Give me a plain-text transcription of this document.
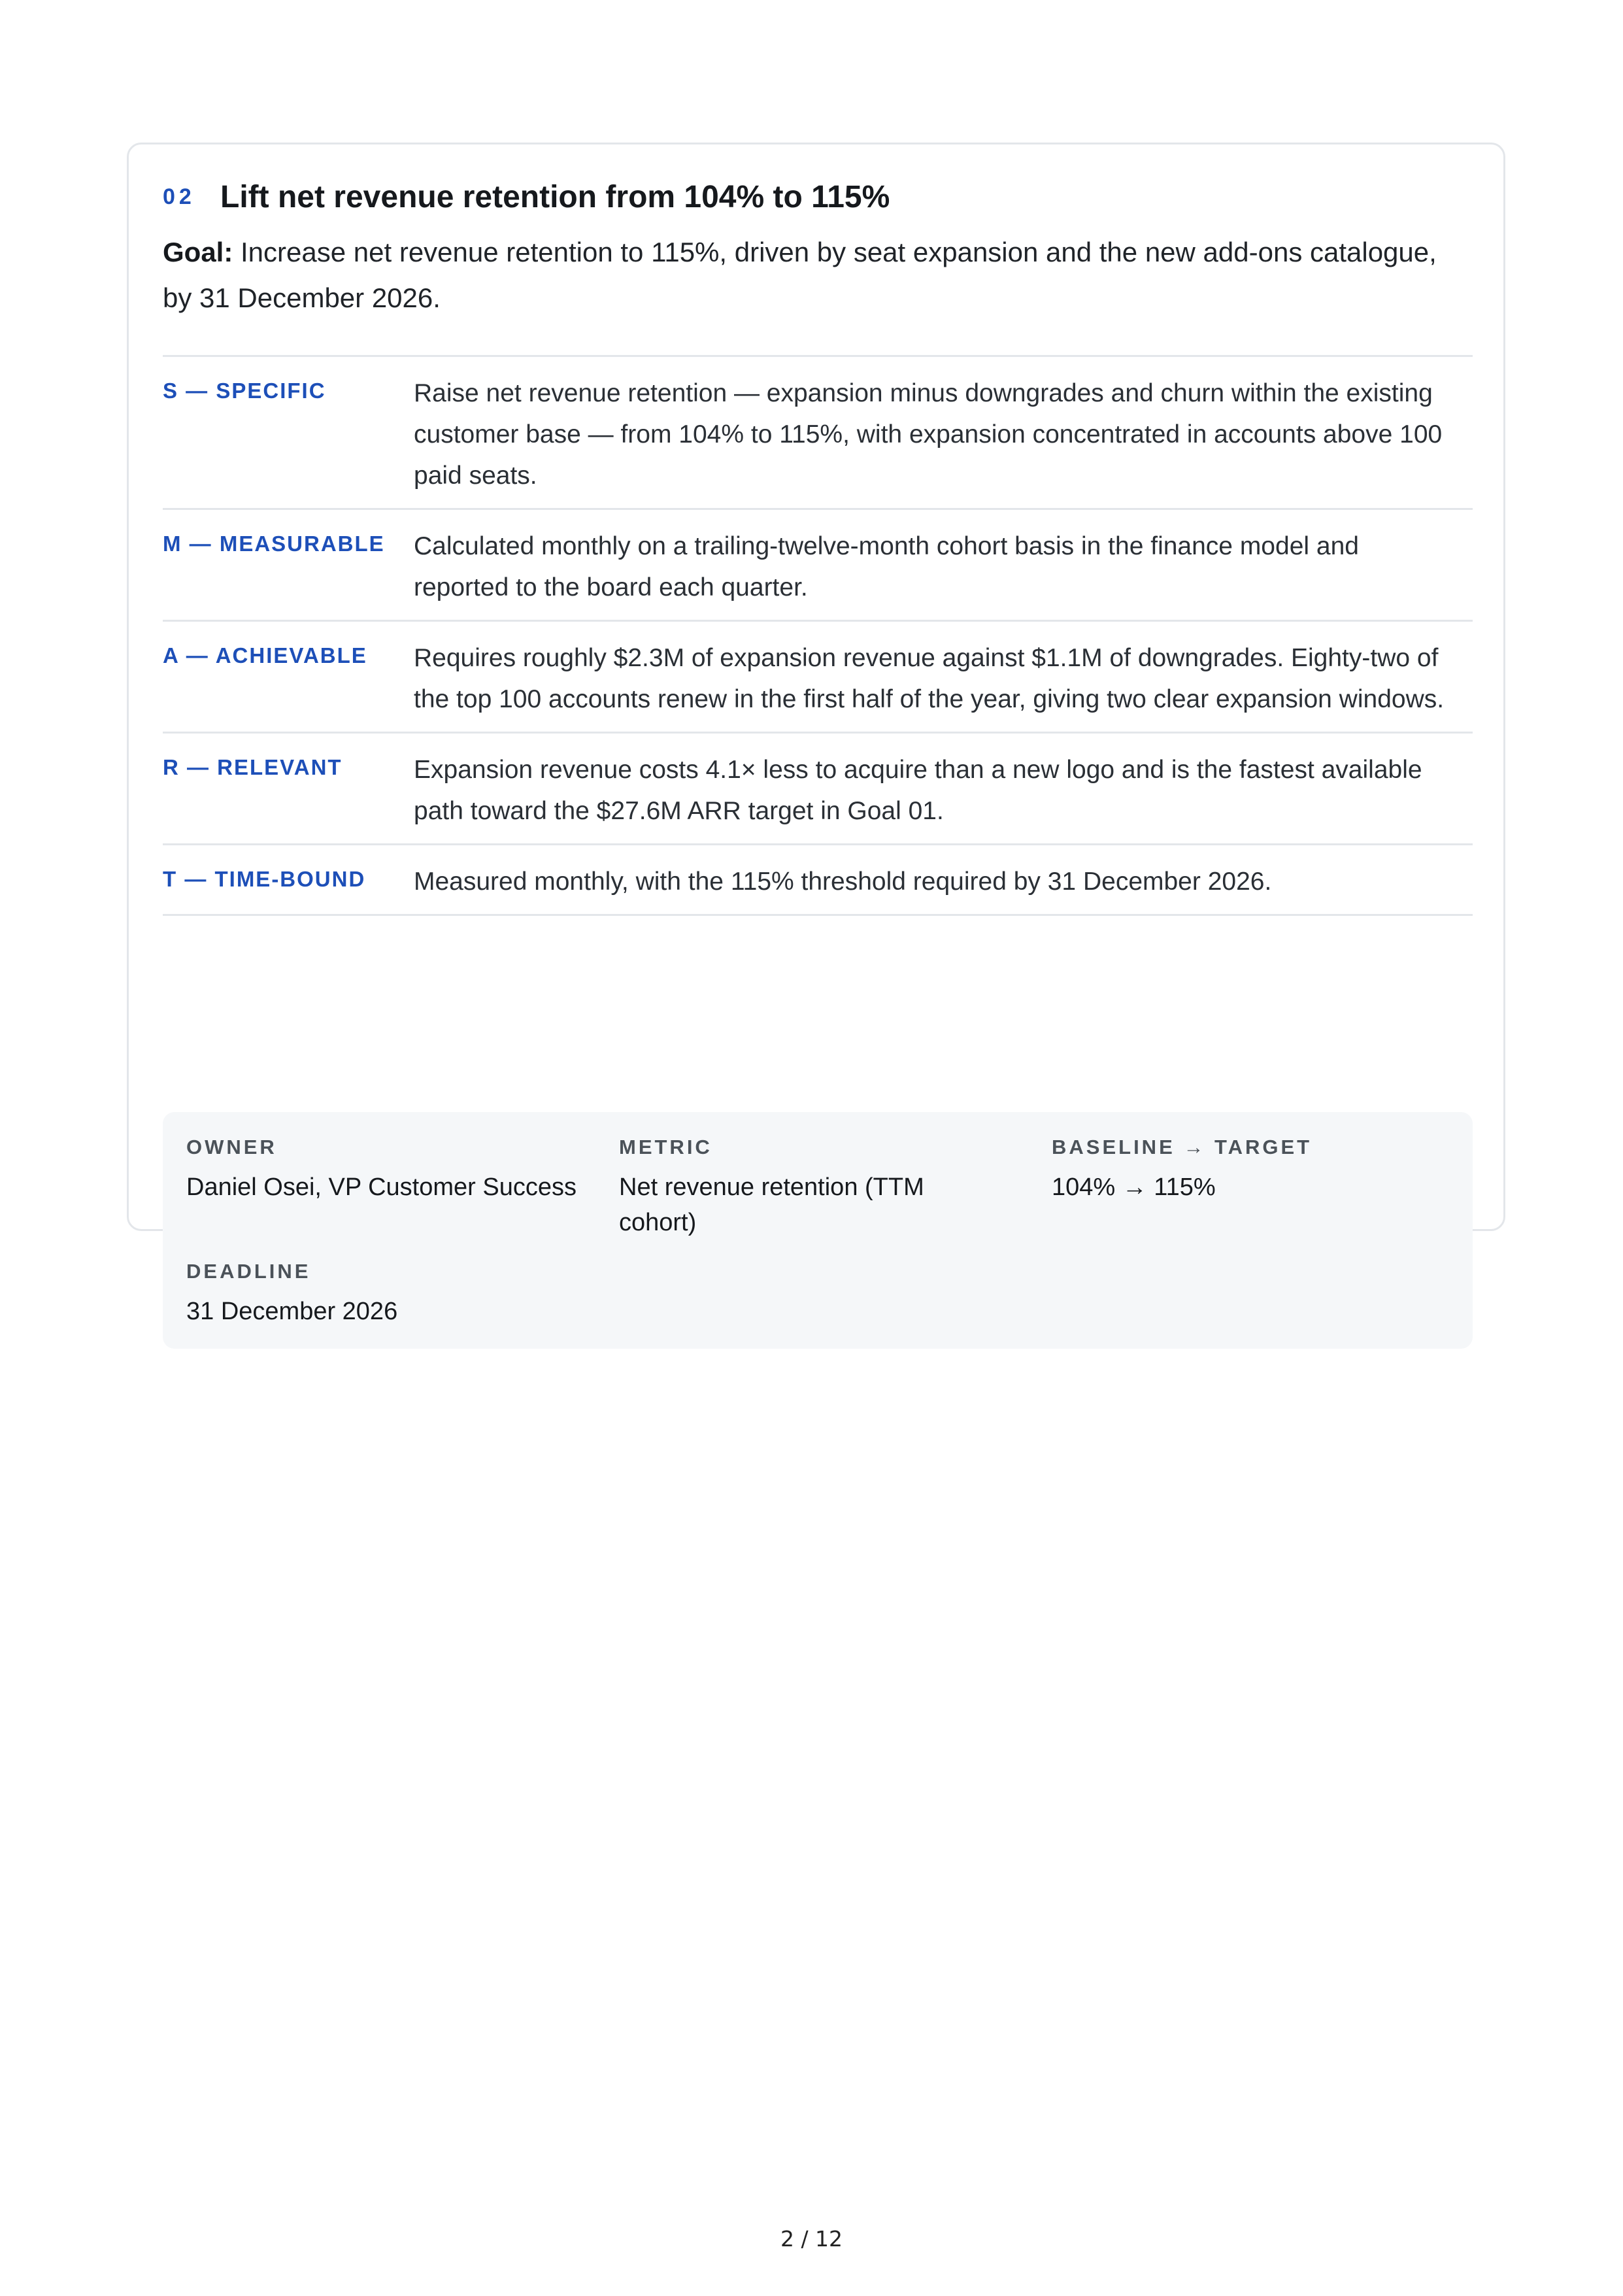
02 Lift net revenue retention from 104% to 115%
Goal: Increase net revenue retention to 115%, driven by seat expansion and the new add-ons catalogue, by 31 December 2026.
S — SPECIFIC	Raise net revenue retention — expansion minus downgrades and churn within the existing customer base — from 104% to 115%, with expansion concentrated in accounts above 100 paid seats.
M — MEASURABLE	Calculated monthly on a trailing-twelve-month cohort basis in the finance model and reported to the board each quarter.
A — ACHIEVABLE	Requires roughly $2.3M of expansion revenue against $1.1M of downgrades. Eighty-two of the top 100 accounts renew in the first half of the year, giving two clear expansion windows.
R — RELEVANT	Expansion revenue costs 4.1× less to acquire than a new logo and is the fastest available path toward the $27.6M ARR target in Goal 01.
T — TIME-BOUND	Measured monthly, with the 115% threshold required by 31 December 2026.
OWNER
Daniel Osei, VP Customer Success
METRIC
Net revenue retention (TTM cohort)
BASELINE → TARGET
104% → 115%
DEADLINE
31 December 2026
2 / 12
